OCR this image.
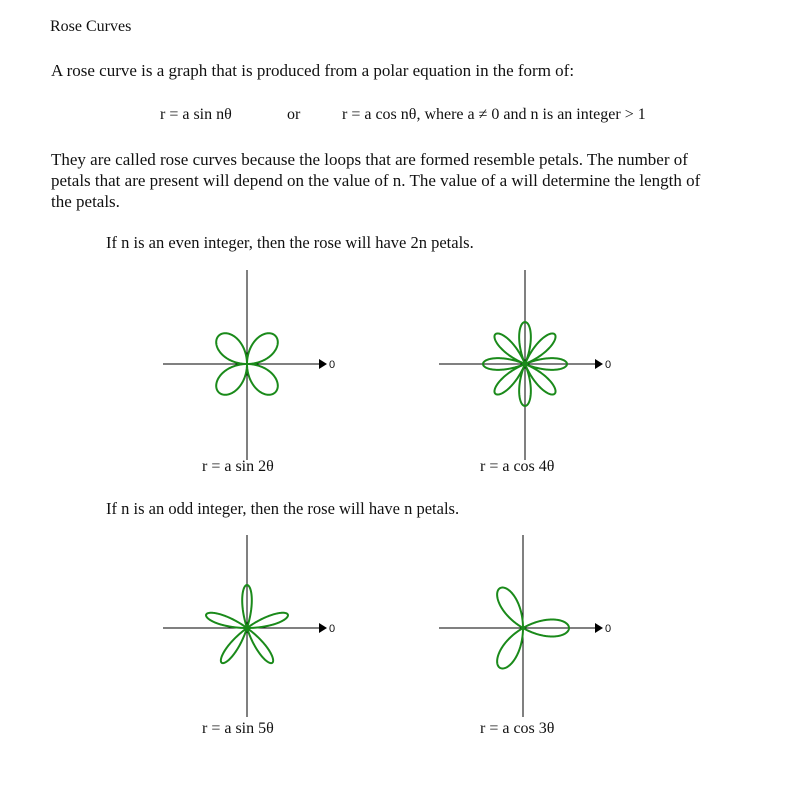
Rose Curves
A rose curve is a graph that is produced from a polar equation in the form of:
r = a sin nθ	or	r = a cos nθ, where a ≠ 0 and n is an integer > 1
They are called rose curves because the loops that are formed resemble petals. The number of
petals that are present will depend on the value of n. The value of a will determine the length of
the petals.
If n is an even integer, then the rose will have 2n petals.
0
r = a sin 2θ
0
r = a cos 4θ
If n is an odd integer, then the rose will have n petals.
0
r = a sin 5θ
0
r = a cos 3θ
